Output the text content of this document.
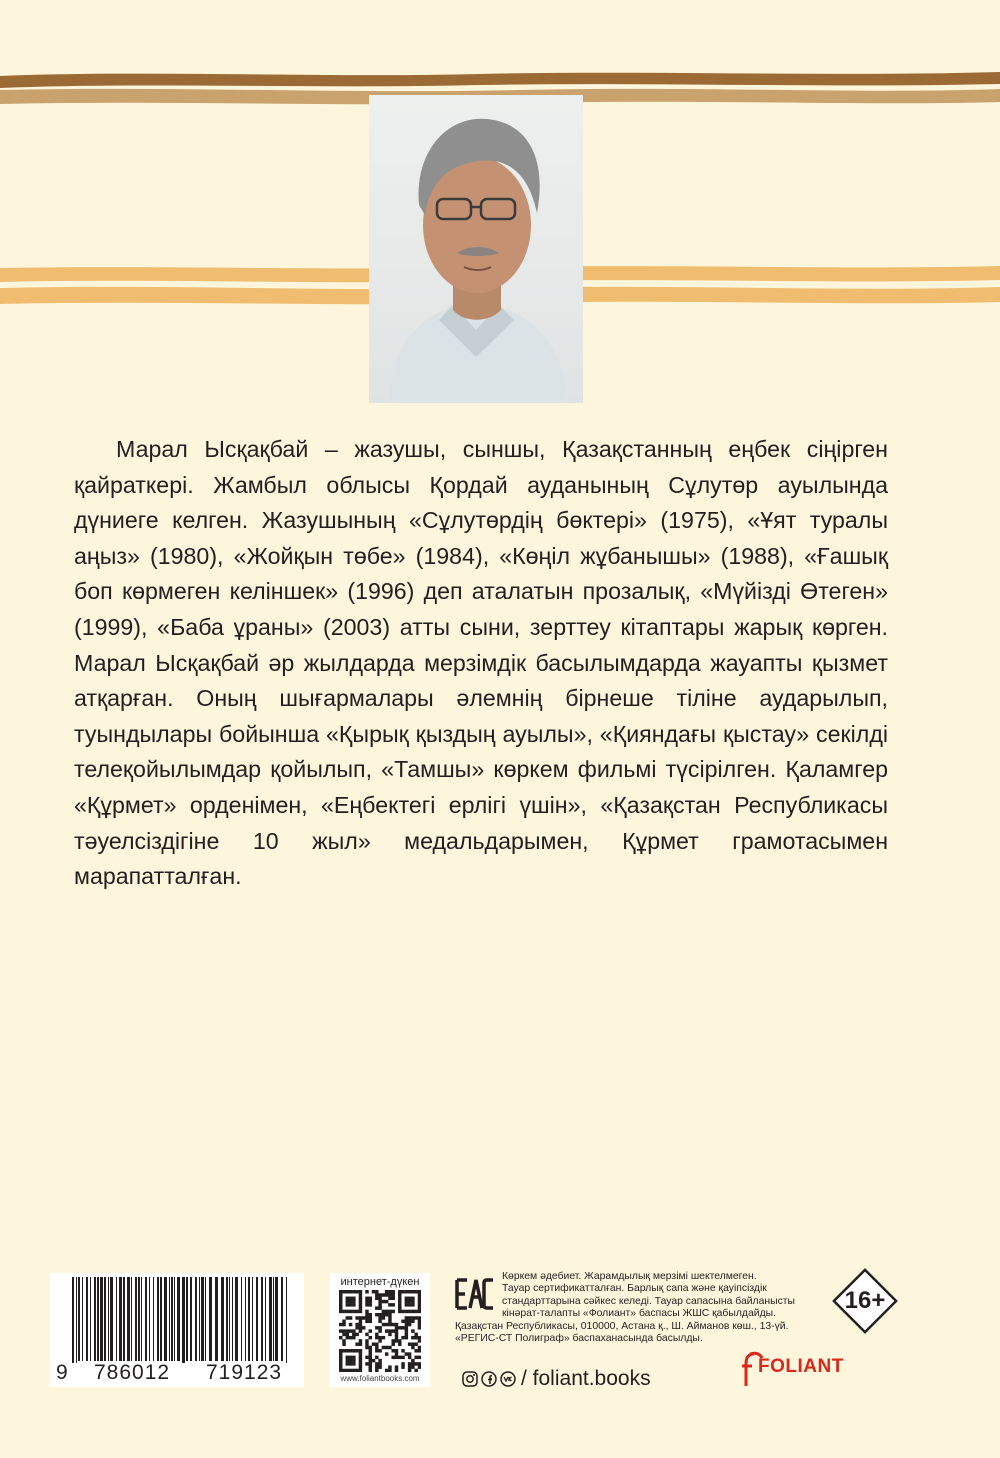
Марал Ысқақбай – жазушы, сыншы, Қазақстанның еңбек сіңірген қайраткері. Жамбыл облысы Қордай ауданының Сұлутөр ауылында дүниеге келген. Жазушының «Сұлутөрдің бөктері» (1975), «Ұят туралы аңыз» (1980), «Жойқын төбе» (1984), «Көңіл жұбанышы» (1988), «Ғашық боп көрмеген келіншек» (1996) деп аталатын прозалық, «Мүйізді Өтеген» (1999), «Баба ұраны» (2003) атты сыни, зерттеу кітаптары жарық көрген. Марал Ысқақбай әр жылдарда мерзімдік басылымдарда жауапты қызмет атқарған. Оның шығармалары әлемнің бірнеше тіліне аударылып, туындылары бойынша «Қырық қыздың ауылы», «Қияндағы қыстау» секілді телеқойылымдар қойылып, «Тамшы» көркем фильмі түсірілген. Қаламгер «Құрмет» орденімен, «Еңбектегі ерлігі үшін», «Қазақстан Республикасы тәуелсіздігіне 10 жыл» медальдарымен, Құрмет грамотасымен марапатталған.

9 786012 719123
интернет-дүкен
www.foliantbooks.com
Көркем әдебиет. Жарамдылық мерзімі шектелмеген.
Тауар сертификатталған. Барлық сапа және қауіпсіздік
стандарттарына сәйкес келеді. Тауар сапасына байланысты
кінәрат-талапты «Фолиант» баспасы ЖШС қабылдайды.
Қазақстан Республикасы, 010000, Астана қ., Ш. Айманов көш., 13-үй.
«РЕГИС-СТ Полиграф» баспаханасында басылды.
16+
/ foliant.books
FOLIANT
